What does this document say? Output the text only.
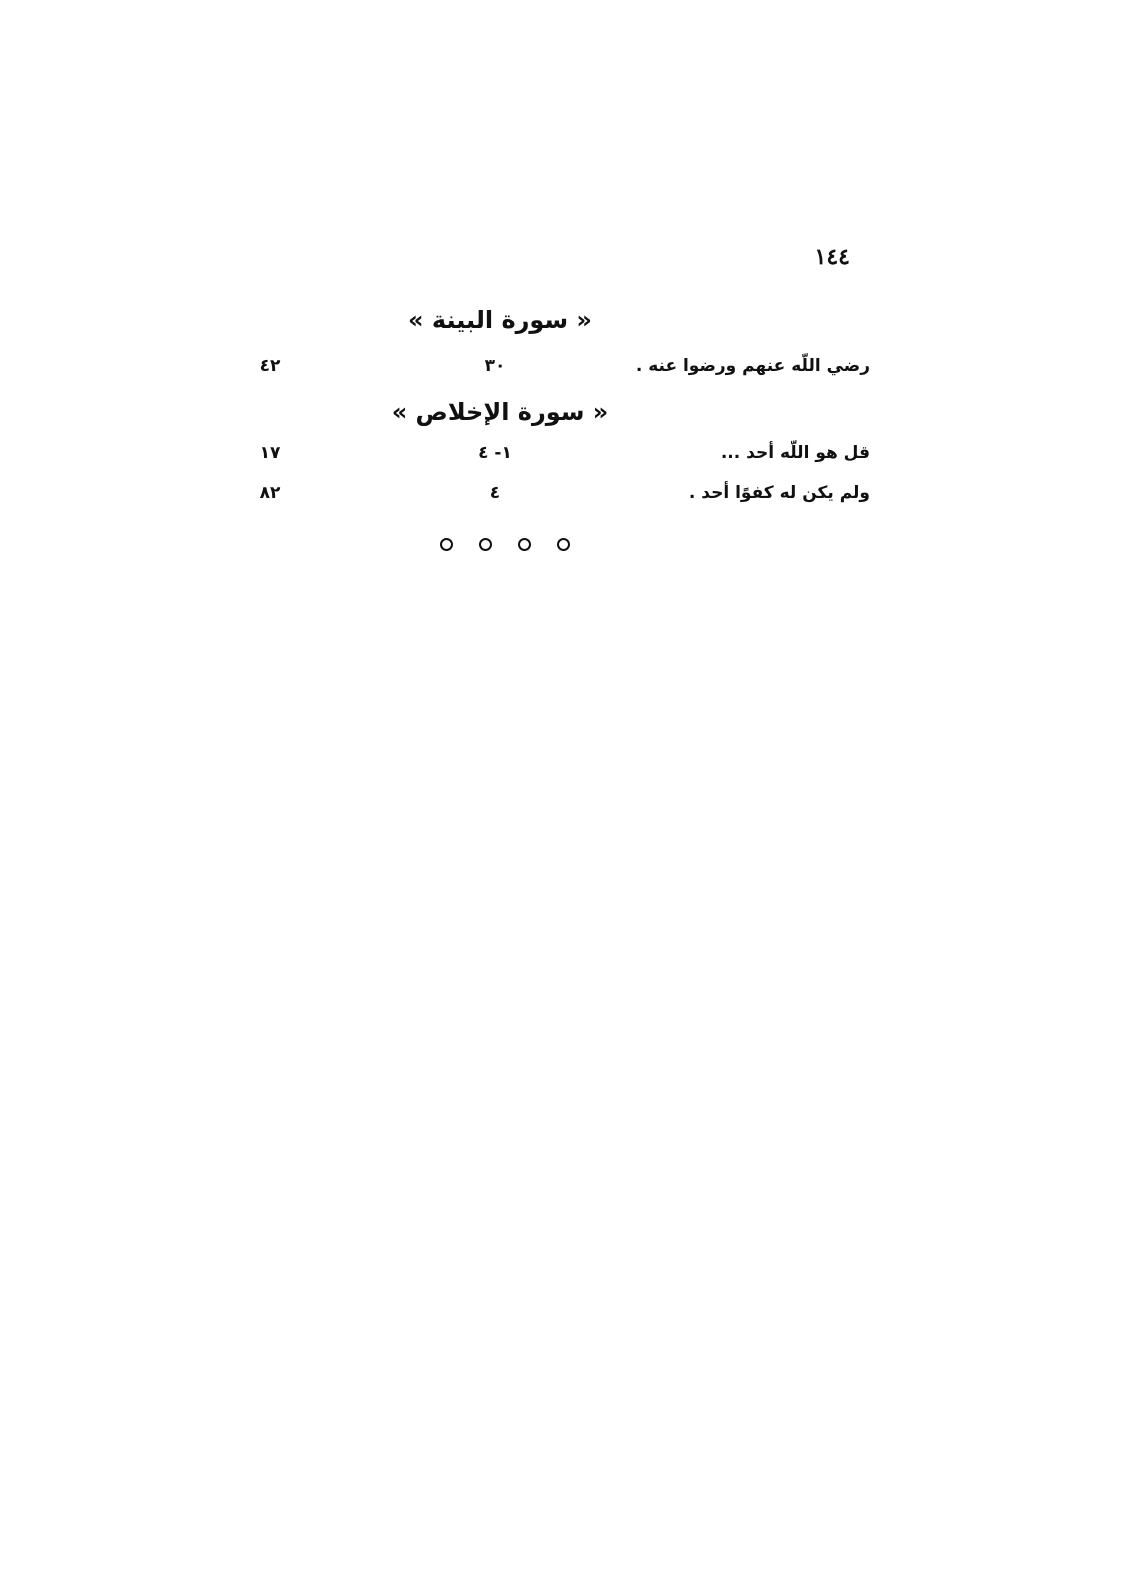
١٤٤
« سورة البينة »
رضي اللّه عنهم ورضوا عنه .
٣٠
٤٢
« سورة الإخلاص »
قل هو اللّه أحد ...
١- ٤
١٧
ولم يكن له كفوًا أحد .
٤
٨٢
